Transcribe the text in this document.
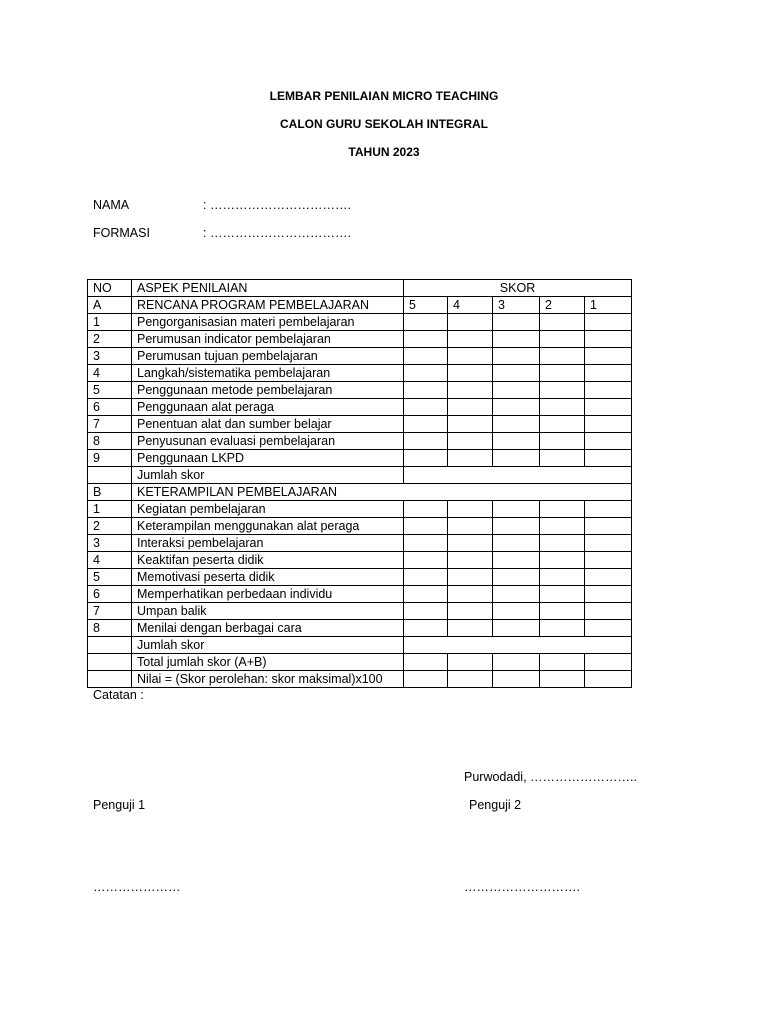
LEMBAR PENILAIAN MICRO TEACHING
CALON GURU SEKOLAH INTEGRAL
TAHUN 2023
NAMA	: …………………………….
FORMASI	: …………………………….
NO	ASPEK PENILAIAN	SKOR				
A	RENCANA PROGRAM PEMBELAJARAN	5	4	3	2	1
1	Pengorganisasian materi pembelajaran					
2	Perumusan indicator pembelajaran					
3	Perumusan tujuan pembelajaran					
4	Langkah/sistematika pembelajaran					
5	Penggunaan metode pembelajaran					
6	Penggunaan alat peraga					
7	Penentuan alat dan sumber belajar					
8	Penyusunan evaluasi pembelajaran					
9	Penggunaan LKPD					
	Jumlah skor					
B	KETERAMPILAN PEMBELAJARAN					
1	Kegiatan pembelajaran					
2	Keterampilan menggunakan alat peraga					
3	Interaksi pembelajaran					
4	Keaktifan peserta didik					
5	Memotivasi peserta didik					
6	Memperhatikan perbedaan individu					
7	Umpan balik					
8	Menilai dengan berbagai cara					
	Jumlah skor					
	Total jumlah skor (A+B)					
	Nilai = (Skor perolehan: skor maksimal)x100					
Catatan :
Purwodadi, ……………………..
Penguji 1	Penguji 2
…………………	……………………….
